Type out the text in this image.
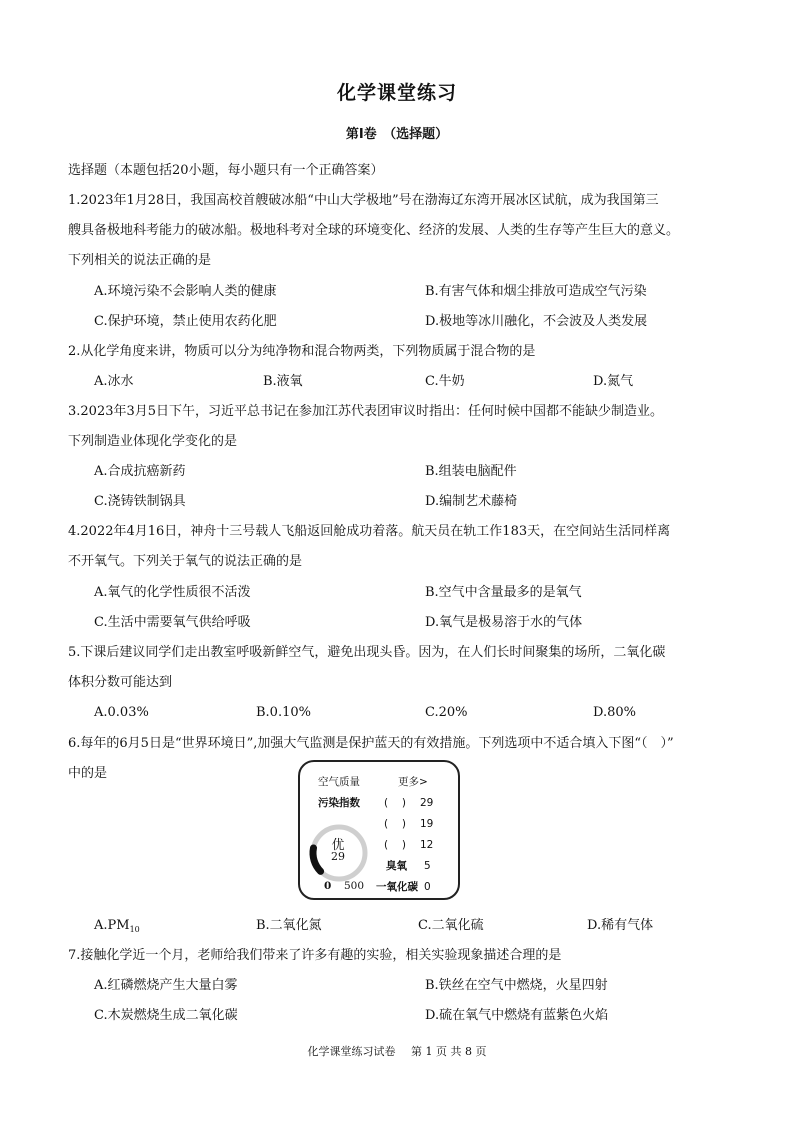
化学课堂练习
第Ⅰ卷　（选择题）
选择题（本题包括20小题，每小题只有一个正确答案）
1.2023年1月28日，我国高校首艘破冰船“中山大学极地”号在渤海辽东湾开展冰区试航，成为我国第三
艘具备极地科考能力的破冰船。极地科考对全球的环境变化、经济的发展、人类的生存等产生巨大的意义。
下列相关的说法正确的是
A.环境污染不会影响人类的健康	B.有害气体和烟尘排放可造成空气污染
C.保护环境，禁止使用农药化肥	D.极地等冰川融化，不会波及人类发展
2.从化学角度来讲，物质可以分为纯净物和混合物两类，下列物质属于混合物的是
A.冰水	B.液氧	C.牛奶	D.氮气
3.2023年3月5日下午，习近平总书记在参加江苏代表团审议时指出：任何时候中国都不能缺少制造业。
下列制造业体现化学变化的是
A.合成抗癌新药	B.组装电脑配件
C.浇铸铁制锅具	D.编制艺术藤椅
4.2022年4月16日，神舟十三号载人飞船返回舱成功着落。航天员在轨工作183天，在空间站生活同样离
不开氧气。下列关于氧气的说法正确的是
A.氧气的化学性质很不活泼	B.空气中含量最多的是氧气
C.生活中需要氧气供给呼吸	D.氧气是极易溶于水的气体
5.下课后建议同学们走出教室呼吸新鲜空气，避免出现头昏。因为，在人们长时间聚集的场所，二氧化碳
体积分数可能达到
A.0.03%	B.0.10%	C.20%	D.80%
6.每年的6月5日是“世界环境日”,加强大气监测是保护蓝天的有效措施。下列选项中不适合填入下图“（　）”
中的是
空气质量	更多>
污染指数 (　 ) 29
(　 ) 19
(　 ) 12
臭氧 5
一氧化碳 0
优
29
0 500
$A.PM_{10}$	B.二氧化氮	C.二氧化硫	D.稀有气体
7.接触化学近一个月，老师给我们带来了许多有趣的实验，相关实验现象描述合理的是
A.红磷燃烧产生大量白雾	B.铁丝在空气中燃烧，火星四射
C.木炭燃烧生成二氧化碳	D.硫在氧气中燃烧有蓝紫色火焰
化学课堂练习试卷 第 1 页 共 8 页
